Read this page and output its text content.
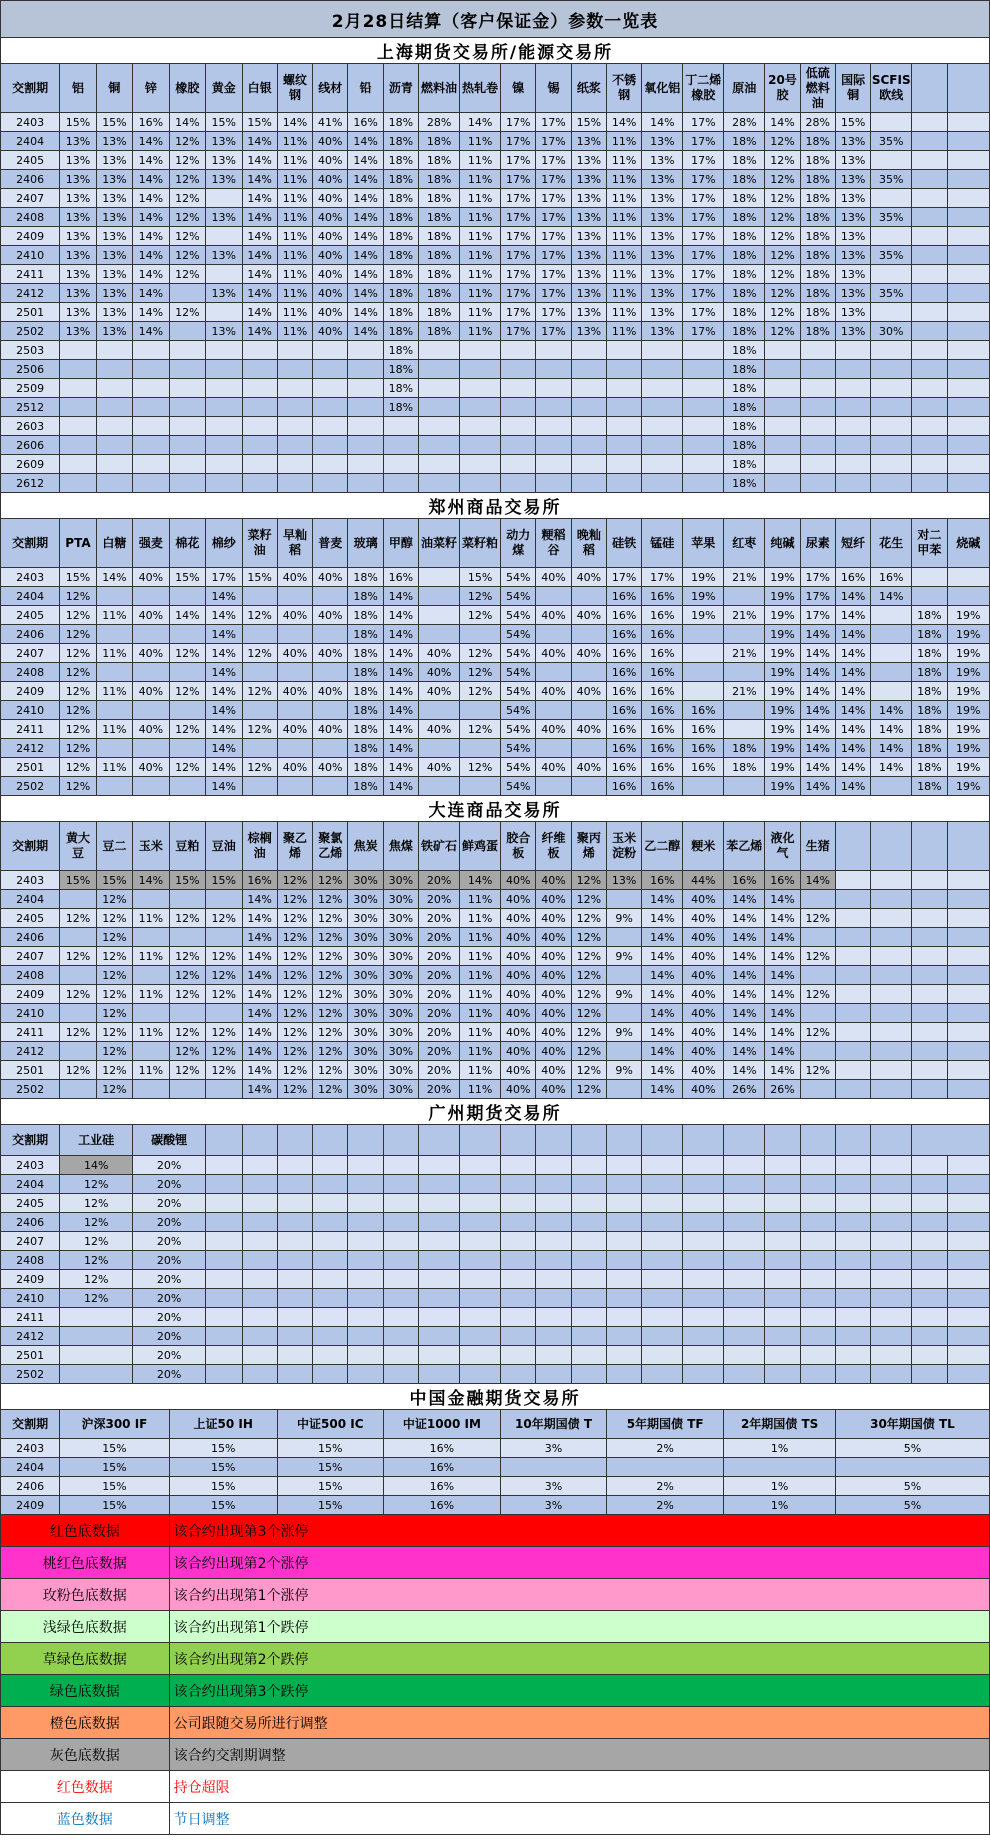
2月28日结算（客户保证金）参数一览表																									
上海期货交易所/能源交易所																									
交割期	铝	铜	锌	橡胶	黄金	白银	螺纹钢	线材	铅	沥青	燃料油	热轧卷	镍	锡	纸浆	不锈钢	氧化铝	丁二烯橡胶	原油	20号胶	低硫燃料油	国际铜	SCFIS欧线		
2403	15%	15%	16%	14%	15%	15%	14%	41%	16%	18%	28%	14%	17%	17%	15%	14%	14%	17%	28%	14%	28%	15%			
2404	13%	13%	14%	12%	13%	14%	11%	40%	14%	18%	18%	11%	17%	17%	13%	11%	13%	17%	18%	12%	18%	13%	35%		
2405	13%	13%	14%	12%	13%	14%	11%	40%	14%	18%	18%	11%	17%	17%	13%	11%	13%	17%	18%	12%	18%	13%			
2406	13%	13%	14%	12%	13%	14%	11%	40%	14%	18%	18%	11%	17%	17%	13%	11%	13%	17%	18%	12%	18%	13%	35%		
2407	13%	13%	14%	12%		14%	11%	40%	14%	18%	18%	11%	17%	17%	13%	11%	13%	17%	18%	12%	18%	13%			
2408	13%	13%	14%	12%	13%	14%	11%	40%	14%	18%	18%	11%	17%	17%	13%	11%	13%	17%	18%	12%	18%	13%	35%		
2409	13%	13%	14%	12%		14%	11%	40%	14%	18%	18%	11%	17%	17%	13%	11%	13%	17%	18%	12%	18%	13%			
2410	13%	13%	14%	12%	13%	14%	11%	40%	14%	18%	18%	11%	17%	17%	13%	11%	13%	17%	18%	12%	18%	13%	35%		
2411	13%	13%	14%	12%		14%	11%	40%	14%	18%	18%	11%	17%	17%	13%	11%	13%	17%	18%	12%	18%	13%			
2412	13%	13%	14%		13%	14%	11%	40%	14%	18%	18%	11%	17%	17%	13%	11%	13%	17%	18%	12%	18%	13%	35%		
2501	13%	13%	14%	12%		14%	11%	40%	14%	18%	18%	11%	17%	17%	13%	11%	13%	17%	18%	12%	18%	13%			
2502	13%	13%	14%		13%	14%	11%	40%	14%	18%	18%	11%	17%	17%	13%	11%	13%	17%	18%	12%	18%	13%	30%		
2503										18%									18%						
2506										18%									18%						
2509										18%									18%						
2512										18%									18%						
2603																			18%						
2606																			18%						
2609																			18%						
2612																			18%						
郑州商品交易所																									
交割期	PTA	白糖	强麦	棉花	棉纱	菜籽油	早籼稻	普麦	玻璃	甲醇	油菜籽	菜籽粕	动力煤	粳稻谷	晚籼稻	硅铁	锰硅	苹果	红枣	纯碱	尿素	短纤	花生	对二甲苯	烧碱
2403	15%	14%	40%	15%	17%	15%	40%	40%	18%	16%		15%	54%	40%	40%	17%	17%	19%	21%	19%	17%	16%	16%		
2404	12%				14%				18%	14%		12%	54%			16%	16%	19%		19%	17%	14%	14%		
2405	12%	11%	40%	14%	14%	12%	40%	40%	18%	14%		12%	54%	40%	40%	16%	16%	19%	21%	19%	17%	14%		18%	19%
2406	12%				14%				18%	14%			54%			16%	16%			19%	14%	14%		18%	19%
2407	12%	11%	40%	12%	14%	12%	40%	40%	18%	14%	40%	12%	54%	40%	40%	16%	16%		21%	19%	14%	14%		18%	19%
2408	12%				14%				18%	14%	40%	12%	54%			16%	16%			19%	14%	14%		18%	19%
2409	12%	11%	40%	12%	14%	12%	40%	40%	18%	14%	40%	12%	54%	40%	40%	16%	16%		21%	19%	14%	14%		18%	19%
2410	12%				14%				18%	14%			54%			16%	16%	16%		19%	14%	14%	14%	18%	19%
2411	12%	11%	40%	12%	14%	12%	40%	40%	18%	14%	40%	12%	54%	40%	40%	16%	16%	16%		19%	14%	14%	14%	18%	19%
2412	12%				14%				18%	14%			54%			16%	16%	16%	18%	19%	14%	14%	14%	18%	19%
2501	12%	11%	40%	12%	14%	12%	40%	40%	18%	14%	40%	12%	54%	40%	40%	16%	16%	16%	18%	19%	14%	14%	14%	18%	19%
2502	12%				14%				18%	14%			54%			16%	16%			19%	14%	14%		18%	19%
大连商品交易所																									
交割期	黄大豆	豆二	玉米	豆粕	豆油	棕榈油	聚乙烯	聚氯乙烯	焦炭	焦煤	铁矿石	鲜鸡蛋	胶合板	纤维板	聚丙烯	玉米淀粉	乙二醇	粳米	苯乙烯	液化气	生猪				
2403	15%	15%	14%	15%	15%	16%	12%	12%	30%	30%	20%	14%	40%	40%	12%	13%	16%	44%	16%	16%	14%				
2404		12%				14%	12%	12%	30%	30%	20%	11%	40%	40%	12%		14%	40%	14%	14%					
2405	12%	12%	11%	12%	12%	14%	12%	12%	30%	30%	20%	11%	40%	40%	12%	9%	14%	40%	14%	14%	12%				
2406		12%				14%	12%	12%	30%	30%	20%	11%	40%	40%	12%		14%	40%	14%	14%					
2407	12%	12%	11%	12%	12%	14%	12%	12%	30%	30%	20%	11%	40%	40%	12%	9%	14%	40%	14%	14%	12%				
2408		12%		12%	12%	14%	12%	12%	30%	30%	20%	11%	40%	40%	12%		14%	40%	14%	14%					
2409	12%	12%	11%	12%	12%	14%	12%	12%	30%	30%	20%	11%	40%	40%	12%	9%	14%	40%	14%	14%	12%				
2410		12%				14%	12%	12%	30%	30%	20%	11%	40%	40%	12%		14%	40%	14%	14%					
2411	12%	12%	11%	12%	12%	14%	12%	12%	30%	30%	20%	11%	40%	40%	12%	9%	14%	40%	14%	14%	12%				
2412		12%		12%	12%	14%	12%	12%	30%	30%	20%	11%	40%	40%	12%		14%	40%	14%	14%					
2501	12%	12%	11%	12%	12%	14%	12%	12%	30%	30%	20%	11%	40%	40%	12%	9%	14%	40%	14%	14%	12%				
2502		12%				14%	12%	12%	30%	30%	20%	11%	40%	40%	12%		14%	40%	26%	26%					
广州期货交易所																									
交割期	工业硅		碳酸锂																						
2403	14%		20%																						
2404	12%		20%																						
2405	12%		20%																						
2406	12%		20%																						
2407	12%		20%																						
2408	12%		20%																						
2409	12%		20%																						
2410	12%		20%																						
2411			20%																						
2412			20%																						
2501			20%																						
2502			20%																						
中国金融期货交易所																									
交割期	沪深300 IF			上证50 IH			中证500 IC			中证1000 IM			10年期国债 T			5年期国债 TF			2年期国债 TS			30年期国债 TL			
2403	15%			15%			15%			16%			3%			2%			1%			5%			
2404	15%			15%			15%			16%															
2406	15%			15%			15%			16%			3%			2%			1%			5%			
2409	15%			15%			15%			16%			3%			2%			1%			5%			
红色底数据				该合约出现第3个涨停																					
桃红色底数据				该合约出现第2个涨停																					
玫粉色底数据				该合约出现第1个涨停																					
浅绿色底数据				该合约出现第1个跌停																					
草绿色底数据				该合约出现第2个跌停																					
绿色底数据				该合约出现第3个跌停																					
橙色底数据				公司跟随交易所进行调整																					
灰色底数据				该合约交割期调整																					
红色数据				持仓超限																					
蓝色数据				节日调整																					
